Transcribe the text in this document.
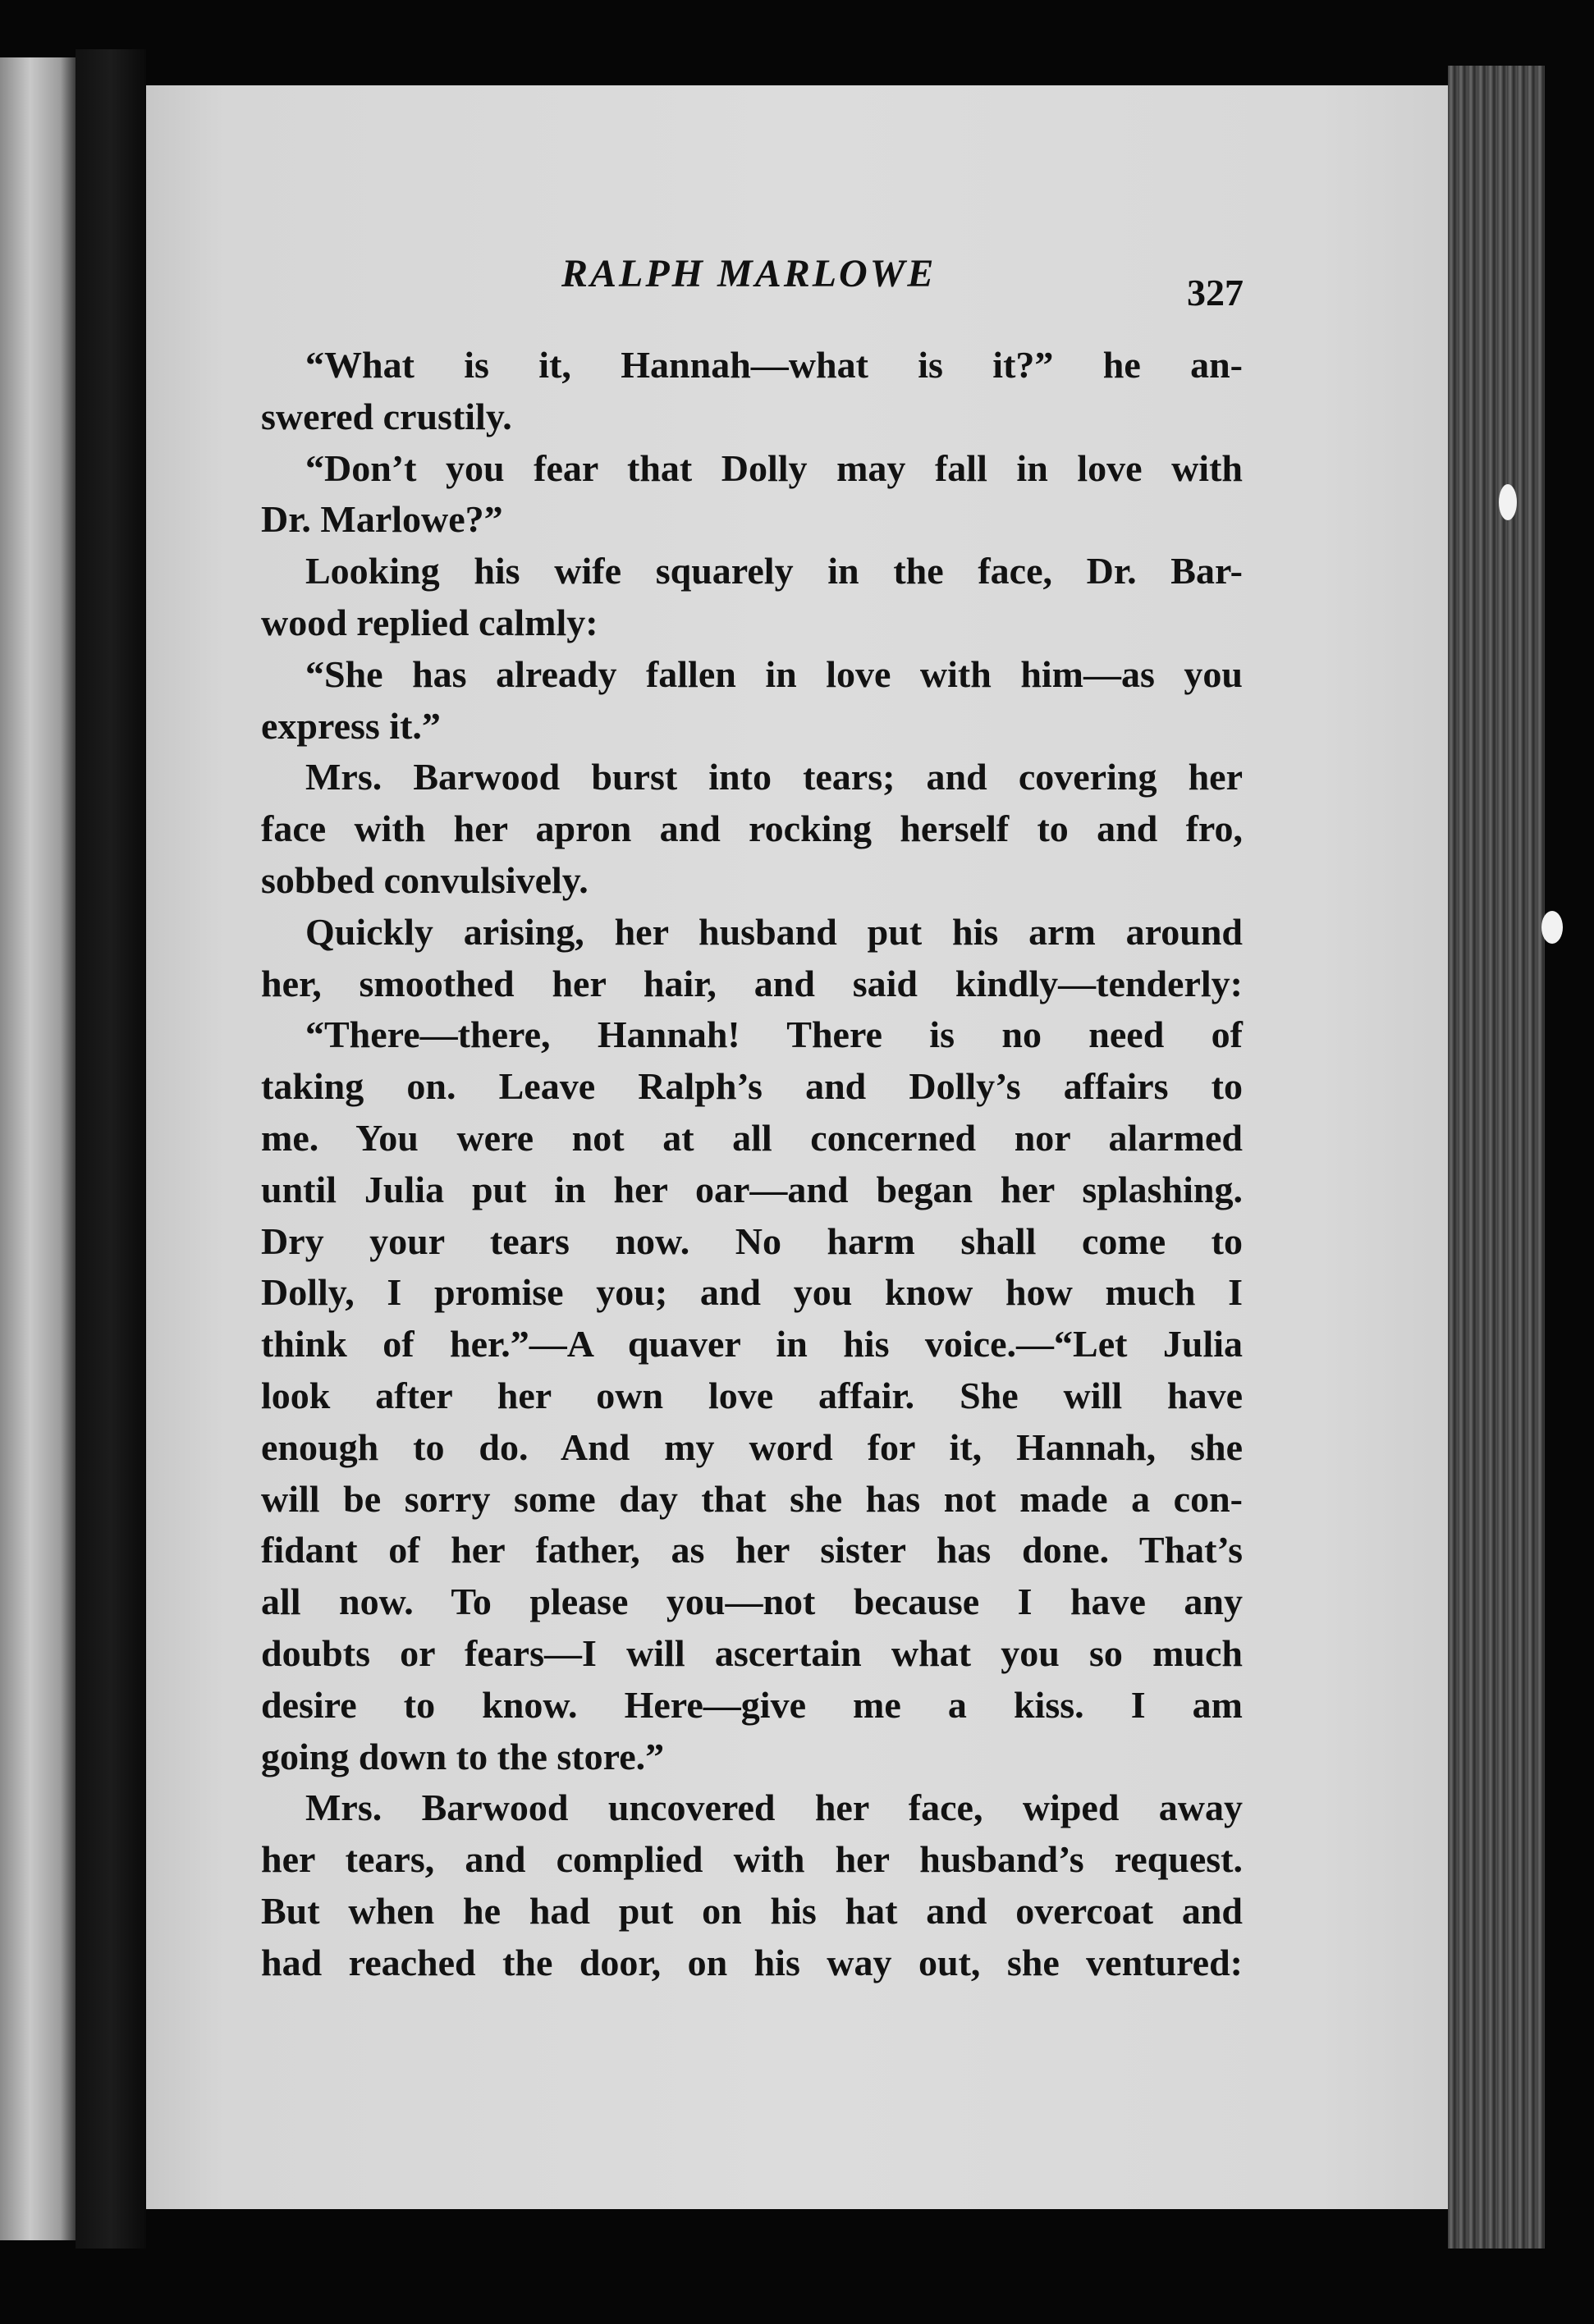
RALPH MARLOWE	327
“What is it, Hannah—what is it?” he an-
swered crustily.
“Don’t you fear that Dolly may fall in love with
Dr. Marlowe?”
Looking his wife squarely in the face, Dr. Bar-
wood replied calmly:
“She has already fallen in love with him—as you
express it.”
Mrs. Barwood burst into tears; and covering her
face with her apron and rocking herself to and fro,
sobbed convulsively.
Quickly arising, her husband put his arm around
her, smoothed her hair, and said kindly—tenderly:
“There—there, Hannah! There is no need of
taking on. Leave Ralph’s and Dolly’s affairs to
me. You were not at all concerned nor alarmed
until Julia put in her oar—and began her splashing.
Dry your tears now. No harm shall come to
Dolly, I promise you; and you know how much I
think of her.”—A quaver in his voice.—“Let Julia
look after her own love affair. She will have
enough to do. And my word for it, Hannah, she
will be sorry some day that she has not made a con-
fidant of her father, as her sister has done. That’s
all now. To please you—not because I have any
doubts or fears—I will ascertain what you so much
desire to know. Here—give me a kiss. I am
going down to the store.”
Mrs. Barwood uncovered her face, wiped away
her tears, and complied with her husband’s request.
But when he had put on his hat and overcoat and
had reached the door, on his way out, she ventured:
